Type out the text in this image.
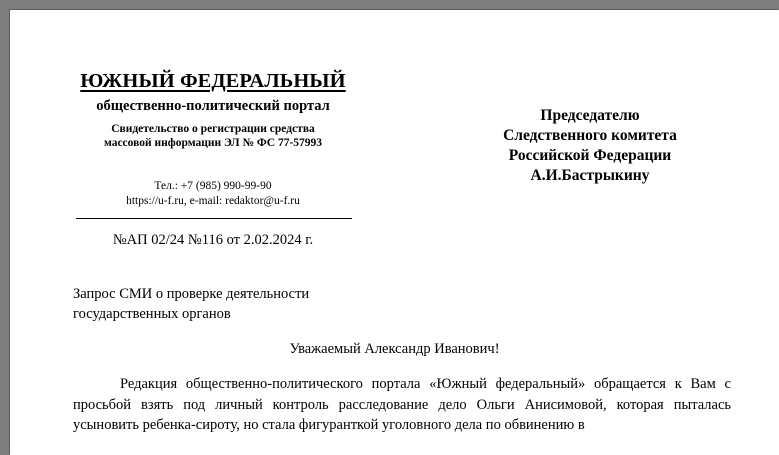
ЮЖНЫЙ ФЕДЕРАЛЬНЫЙ
общественно-политический портал
Свидетельство о регистрации средства
массовой информации ЭЛ № ФС 77-57993
Тел.: +7 (985) 990-99-90
https://u-f.ru, e-mail: redaktor@u-f.ru
№АП 02/24 №116 от 2.02.2024 г.
Председателю
Следственного комитета
Российской Федерации
А.И.Бастрыкину
Запрос СМИ о проверке деятельности
государственных органов
Уважаемый Александр Иванович!
Редакция общественно-политического портала «Южный федеральный» обращается к Вам с просьбой взять под личный контроль расследование дело Ольги Анисимовой, которая пыталась усыновить ребенка-сироту, но стала фигуранткой уголовного дела по обвинению в
